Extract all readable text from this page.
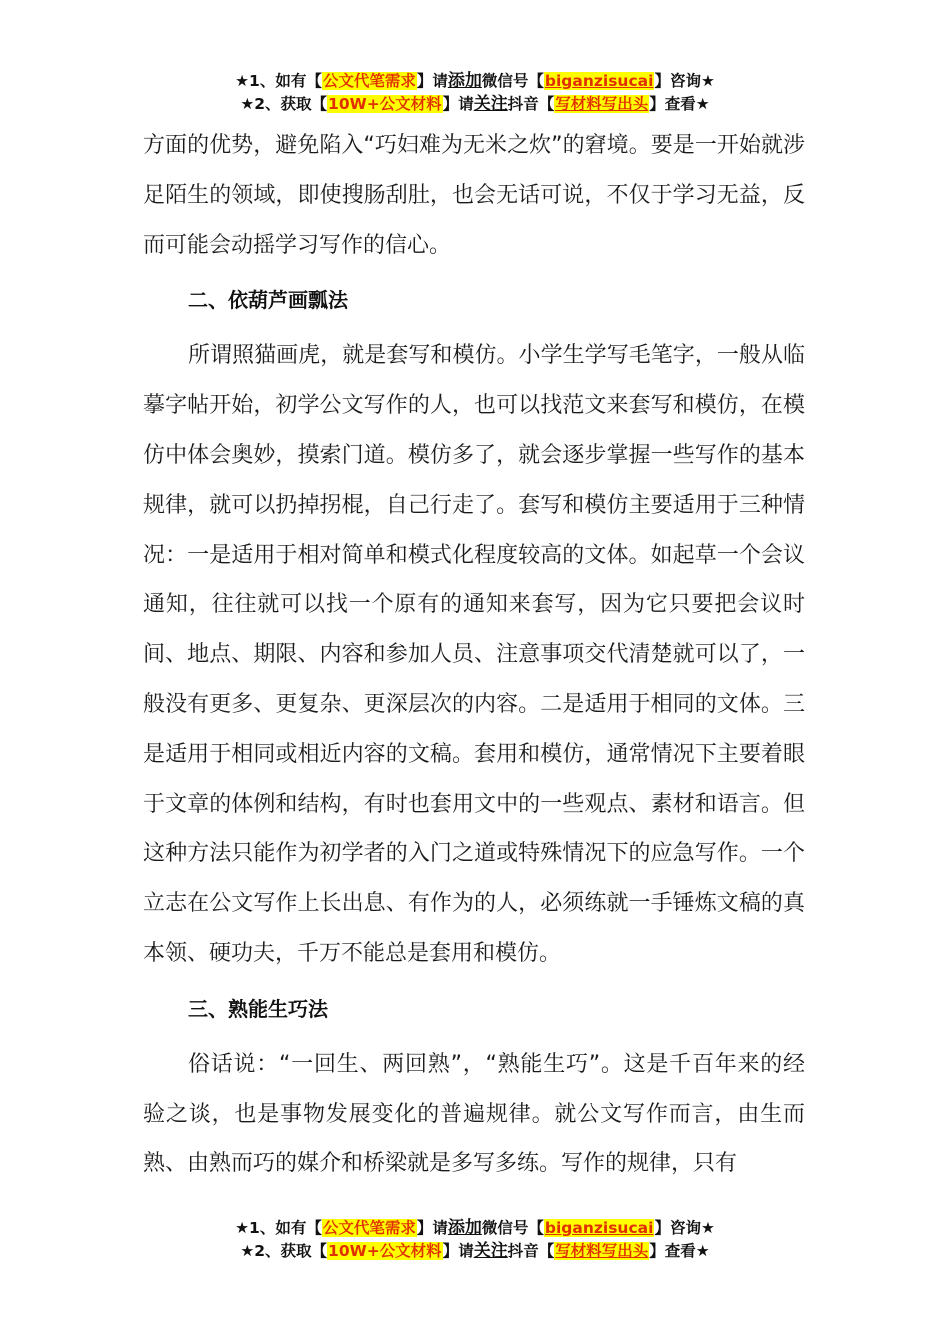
★1、如有【公文代笔需求】请添加微信号【biganzisucai】咨询★
★2、获取【10W+公文材料】请关注抖音【写材料写出头】查看★

方面的优势，避免陷入“巧妇难为无米之炊”的窘境。要是一开始就涉足陌生的领域，即使搜肠刮肚，也会无话可说，不仅于学习无益，反而可能会动摇学习写作的信心。

二、依葫芦画瓢法

所谓照猫画虎，就是套写和模仿。小学生学写毛笔字，一般从临摹字帖开始，初学公文写作的人，也可以找范文来套写和模仿，在模仿中体会奥妙，摸索门道。模仿多了，就会逐步掌握一些写作的基本规律，就可以扔掉拐棍，自己行走了。套写和模仿主要适用于三种情况：一是适用于相对简单和模式化程度较高的文体。如起草一个会议通知，往往就可以找一个原有的通知来套写，因为它只要把会议时间、地点、期限、内容和参加人员、注意事项交代清楚就可以了，一般没有更多、更复杂、更深层次的内容。二是适用于相同的文体。三是适用于相同或相近内容的文稿。套用和模仿，通常情况下主要着眼于文章的体例和结构，有时也套用文中的一些观点、素材和语言。但这种方法只能作为初学者的入门之道或特殊情况下的应急写作。一个立志在公文写作上长出息、有作为的人，必须练就一手锤炼文稿的真本领、硬功夫，千万不能总是套用和模仿。

三、熟能生巧法

俗话说：“一回生、两回熟”，“熟能生巧”。这是千百年来的经验之谈，也是事物发展变化的普遍规律。就公文写作而言，由生而熟、由熟而巧的媒介和桥梁就是多写多练。写作的规律，只有

★1、如有【公文代笔需求】请添加微信号【biganzisucai】咨询★
★2、获取【10W+公文材料】请关注抖音【写材料写出头】查看★
